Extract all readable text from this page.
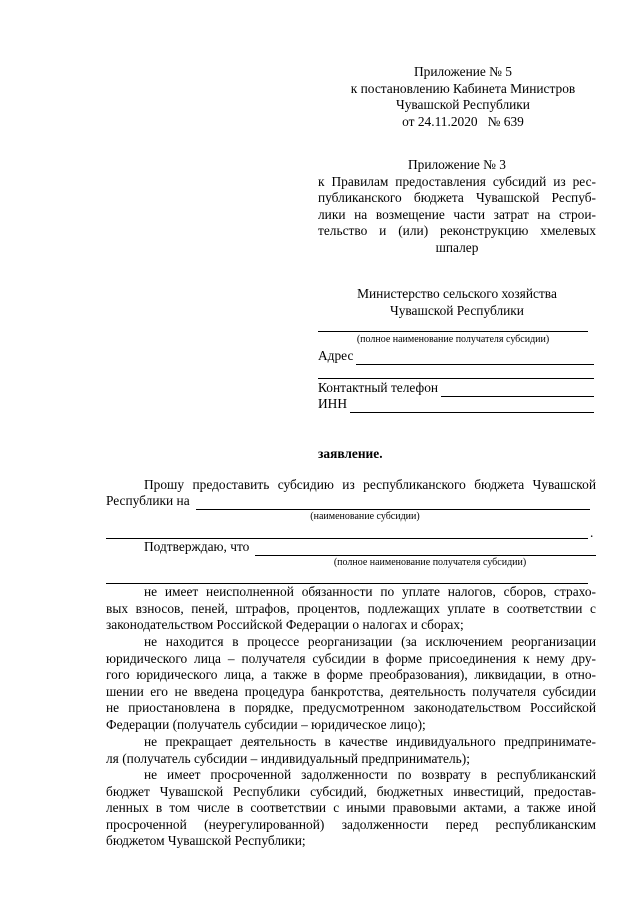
Приложение № 5
к постановлению Кабинета Министров
Чувашской Республики
от 24.11.2020   № 639
Приложение № 3
к Правилам предоставления субсидий из рес-
публиканского бюджета Чувашской Респуб-
лики на возмещение части затрат на строи-
тельство  и  (или)  реконструкцию  хмелевых
шпалер
Министерство сельского хозяйства
Чувашской Республики
(полное наименование получателя субсидии)
Адрес
Контактный телефон
ИНН
заявление.
Прошу предоставить субсидию из республиканского бюджета Чувашской
Республики на
(наименование субсидии)
.
Подтверждаю, что
(полное наименование получателя субсидии)
не имеет неисполненной обязанности по уплате налогов, сборов, страхо-
вых взносов, пеней, штрафов, процентов, подлежащих уплате в соответствии с
законодательством Российской Федерации о налогах и сборах;
не находится в процессе реорганизации (за исключением реорганизации
юридического лица – получателя субсидии в форме присоединения к нему дру-
гого юридического лица, а также в форме преобразования), ликвидации, в отно-
шении его не введена процедура банкротства, деятельность получателя субсидии
не приостановлена в порядке, предусмотренном законодательством Российской
Федерации (получатель субсидии – юридическое лицо);
не прекращает деятельность в качестве индивидуального предпринимате-
ля (получатель субсидии – индивидуальный предприниматель);
не имеет просроченной задолженности по возврату в республиканский
бюджет Чувашской Республики субсидий, бюджетных инвестиций, предостав-
ленных в том числе в соответствии с иными правовыми актами, а также иной
просроченной (неурегулированной) задолженности перед республиканским
бюджетом Чувашской Республики;
